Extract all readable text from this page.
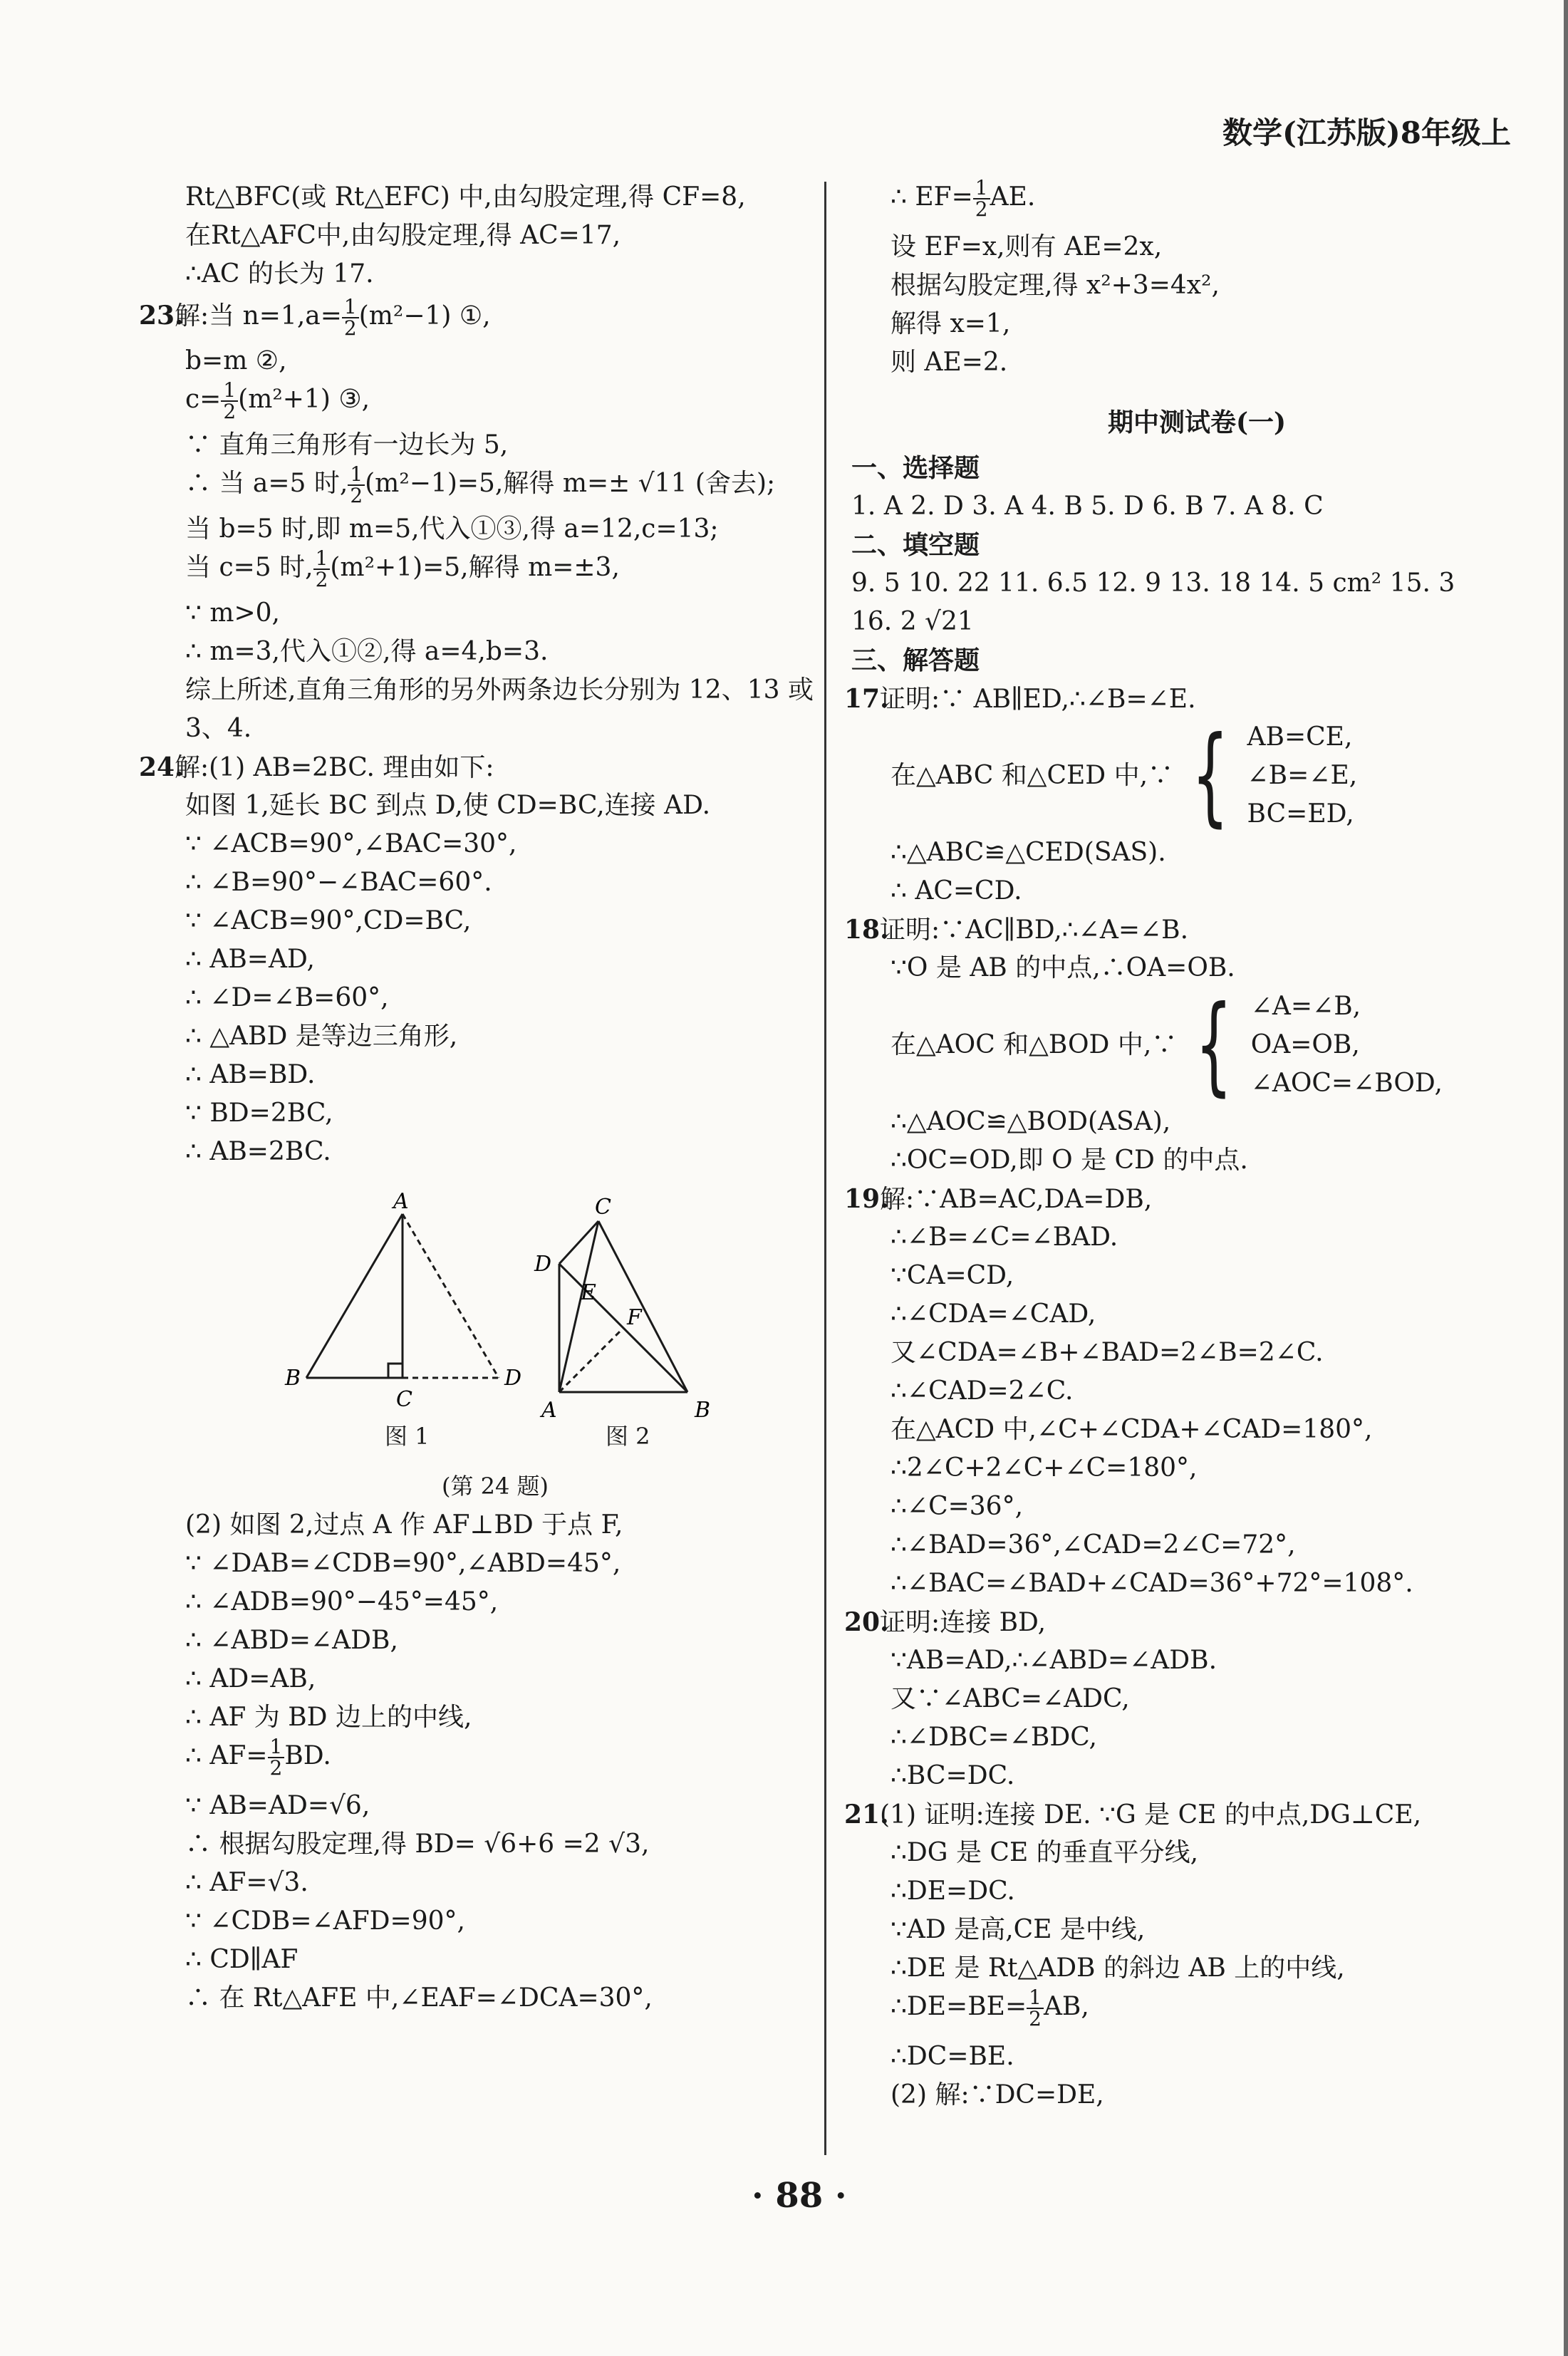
数学(江苏版)8年级上
Rt△BFC(或 Rt△EFC) 中,由勾股定理,得 CF=8,
在Rt△AFC中,由勾股定理,得 AC=17,
∴AC 的长为 17.
23.解:当 $n=1,a= \frac{1}{2} (m^2-1)$ ①,
b=m ②,
$c= \frac{1}{2} (m^2+1)$ ③,
∵ 直角三角形有一边长为 5,
∴ 当 a=5 时, $\frac{1}{2} (m^2-1)=5$,解得 m=± √11 (舍去);
当 b=5 时,即 m=5,代入①③,得 a=12,c=13;
当 c=5 时, $\frac{1}{2} (m^2+1)=5$,解得 m=±3,
∵ m>0,
∴ m=3,代入①②,得 a=4,b=3.
综上所述,直角三角形的另外两条边长分别为 12、13 或
3、4.
24.解:(1) AB=2BC. 理由如下:
如图 1,延长 BC 到点 D,使 CD=BC,连接 AD.
∵ ∠ACB=90°,∠BAC=30°,
∴ ∠B=90°−∠BAC=60°.
∵ ∠ACB=90°,CD=BC,
∴ AB=AD,
∴ ∠D=∠B=60°,
∴ △ABD 是等边三角形,
∴ AB=BD.
∵ BD=2BC,
∴ AB=2BC.
A
B
C
D
C
D
E
F
A	B
图 1	图 2
(第 24 题)
(2) 如图 2,过点 A 作 AF⊥BD 于点 F,
∵ ∠DAB=∠CDB=90°,∠ABD=45°,
∴ ∠ADB=90°−45°=45°,
∴ ∠ABD=∠ADB,
∴ AD=AB,
∴ AF 为 BD 边上的中线,
∴ $AF= \frac{1}{2}$ BD.
∵ AB=AD=√6,
∴ 根据勾股定理,得 BD= √6+6 =2 √3,
∴ AF=√3.
∵ ∠CDB=∠AFD=90°,
∴ CD∥AF
∴ 在 Rt△AFE 中,∠EAF=∠DCA=30°,
∴ $EF= \frac{1}{2}$ AE.
设 EF=x,则有 AE=2x,
根据勾股定理,得 x²+3=4x²,
解得 x=1,
则 AE=2.
期中测试卷(一)
一、选择题
1. A 2. D 3. A 4. B 5. D 6. B 7. A 8. C
二、填空题
9. 5 10. 22 11. 6.5 12. 9 13. 18 14. 5 cm² 15. 3
16. 2 √21
三、解答题
17.证明:∵ AB∥ED,∴∠B=∠E.
在△ABC 和△CED 中,∵ { AB=CE,
∠B=∠E,
BC=ED,
∴△ABC≌△CED(SAS).
∴ AC=CD.
18.证明:∵AC∥BD,∴∠A=∠B.
∵O 是 AB 的中点,∴OA=OB.
在△AOC 和△BOD 中,∵ { ∠A=∠B,
OA=OB,
∠AOC=∠BOD,
∴△AOC≌△BOD(ASA),
∴OC=OD,即 O 是 CD 的中点.
19.解:∵AB=AC,DA=DB,
∴∠B=∠C=∠BAD.
∵CA=CD,
∴∠CDA=∠CAD,
又∠CDA=∠B+∠BAD=2∠B=2∠C.
∴∠CAD=2∠C.
在△ACD 中,∠C+∠CDA+∠CAD=180°,
∴2∠C+2∠C+∠C=180°,
∴∠C=36°,
∴∠BAD=36°,∠CAD=2∠C=72°,
∴∠BAC=∠BAD+∠CAD=36°+72°=108°.
20.证明:连接 BD,
∵AB=AD,∴∠ABD=∠ADB.
又∵∠ABC=∠ADC,
∴∠DBC=∠BDC,
∴BC=DC.
21.(1) 证明:连接 DE. ∵G 是 CE 的中点,DG⊥CE,
∴DG 是 CE 的垂直平分线,
∴DE=DC.
∵AD 是高,CE 是中线,
∴DE 是 Rt△ADB 的斜边 AB 上的中线,
∴DE=BE= $\frac{1}{2}$ AB,
∴DC=BE.
(2) 解:∵DC=DE,
· 88 ·
